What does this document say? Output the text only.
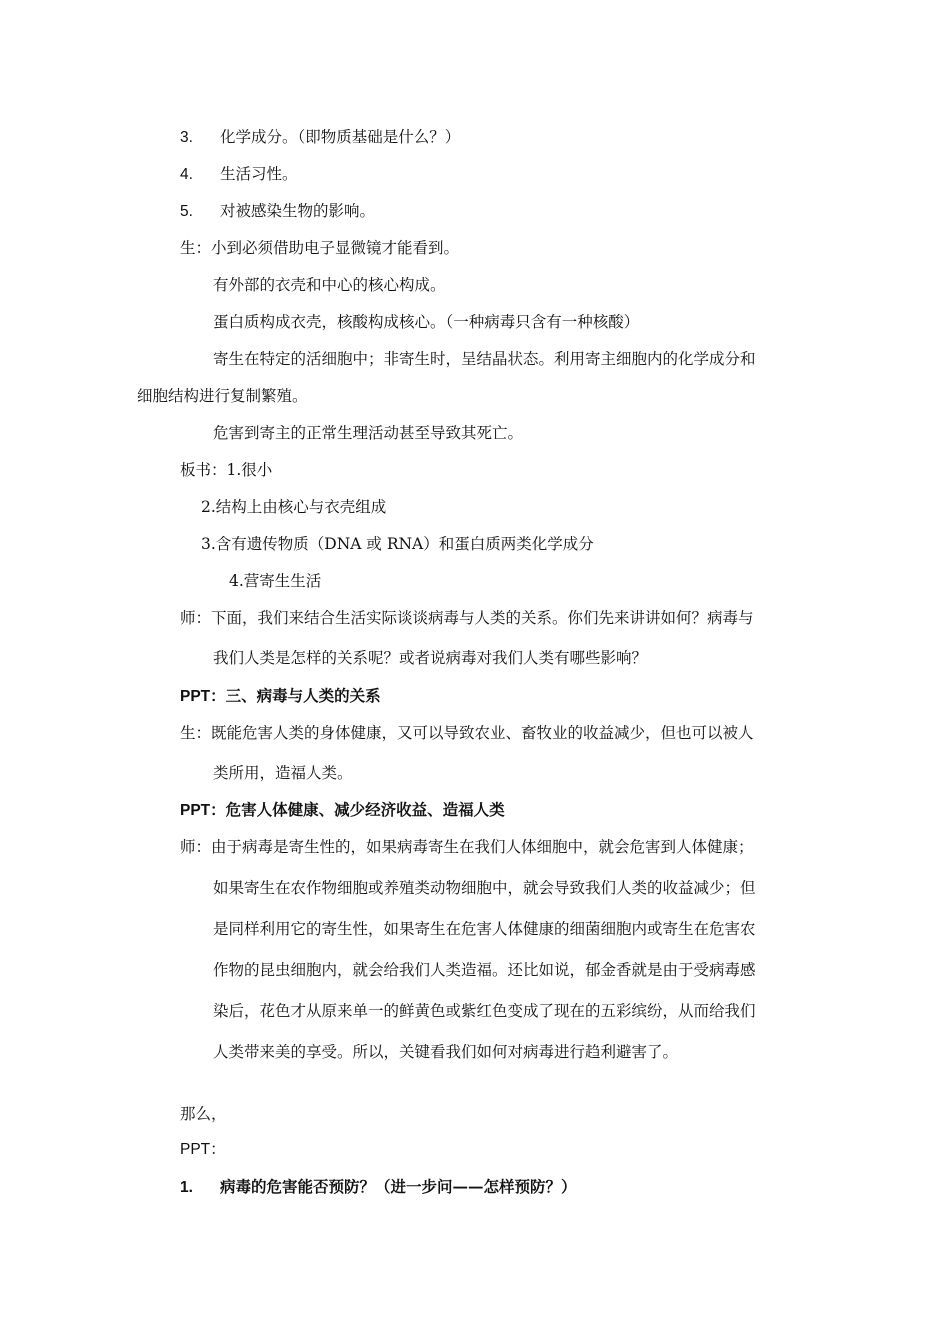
3. 化学成分。（即物质基础是什么？）
4. 生活习性。
5. 对被感染生物的影响。
生：小到必须借助电子显微镜才能看到。
有外部的衣壳和中心的核心构成。
蛋白质构成衣壳，核酸构成核心。（一种病毒只含有一种核酸）
寄生在特定的活细胞中；非寄生时，呈结晶状态。利用寄主细胞内的化学成分和
细胞结构进行复制繁殖。
危害到寄主的正常生理活动甚至导致其死亡。
板书：1.很小
2.结构上由核心与衣壳组成
3.含有遗传物质（DNA 或 RNA）和蛋白质两类化学成分
4.营寄生生活
师：下面，我们来结合生活实际谈谈病毒与人类的关系。你们先来讲讲如何？病毒与
我们人类是怎样的关系呢？或者说病毒对我们人类有哪些影响？
PPT：三、病毒与人类的关系
生：既能危害人类的身体健康，又可以导致农业、畜牧业的收益减少，但也可以被人
类所用，造福人类。
PPT：危害人体健康、减少经济收益、造福人类
师：由于病毒是寄生性的，如果病毒寄生在我们人体细胞中，就会危害到人体健康；
如果寄生在农作物细胞或养殖类动物细胞中，就会导致我们人类的收益减少；但
是同样利用它的寄生性，如果寄生在危害人体健康的细菌细胞内或寄生在危害农
作物的昆虫细胞内，就会给我们人类造福。还比如说，郁金香就是由于受病毒感
染后，花色才从原来单一的鲜黄色或紫红色变成了现在的五彩缤纷，从而给我们
人类带来美的享受。所以，关键看我们如何对病毒进行趋利避害了。
那么，
PPT：
1. 病毒的危害能否预防？（进一步问——怎样预防？）
